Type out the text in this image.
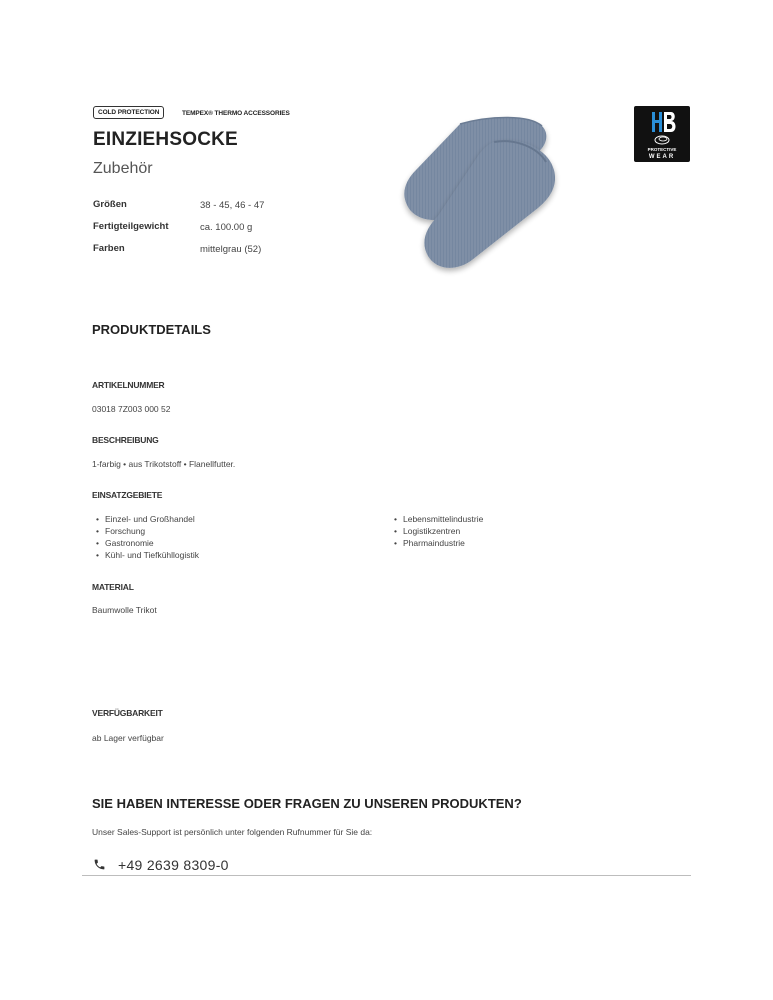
COLD PROTECTION	TEMPEX® THERMO ACCESSORIES
EINZIEHSOCKE
Zubehör
Größen	38 - 45, 46 - 47
Fertigteilgewicht	ca. 100.00 g
Farben	mittelgrau (52)
PROTECTIVE
WEAR
PRODUKTDETAILS
ARTIKELNUMMER
03018 7Z003 000 52
BESCHREIBUNG
1-farbig • aus Trikotstoff • Flanellfutter.
EINSATZGEBIETE
• Einzel- und Großhandel
• Forschung
• Gastronomie
• Kühl- und Tiefkühllogistik
• Lebensmittelindustrie
• Logistikzentren
• Pharmaindustrie
MATERIAL
Baumwolle Trikot
VERFÜGBARKEIT
ab Lager verfügbar
SIE HABEN INTERESSE ODER FRAGEN ZU UNSEREN PRODUKTEN?
Unser Sales-Support ist persönlich unter folgenden Rufnummer für Sie da:
+49 2639 8309-0
